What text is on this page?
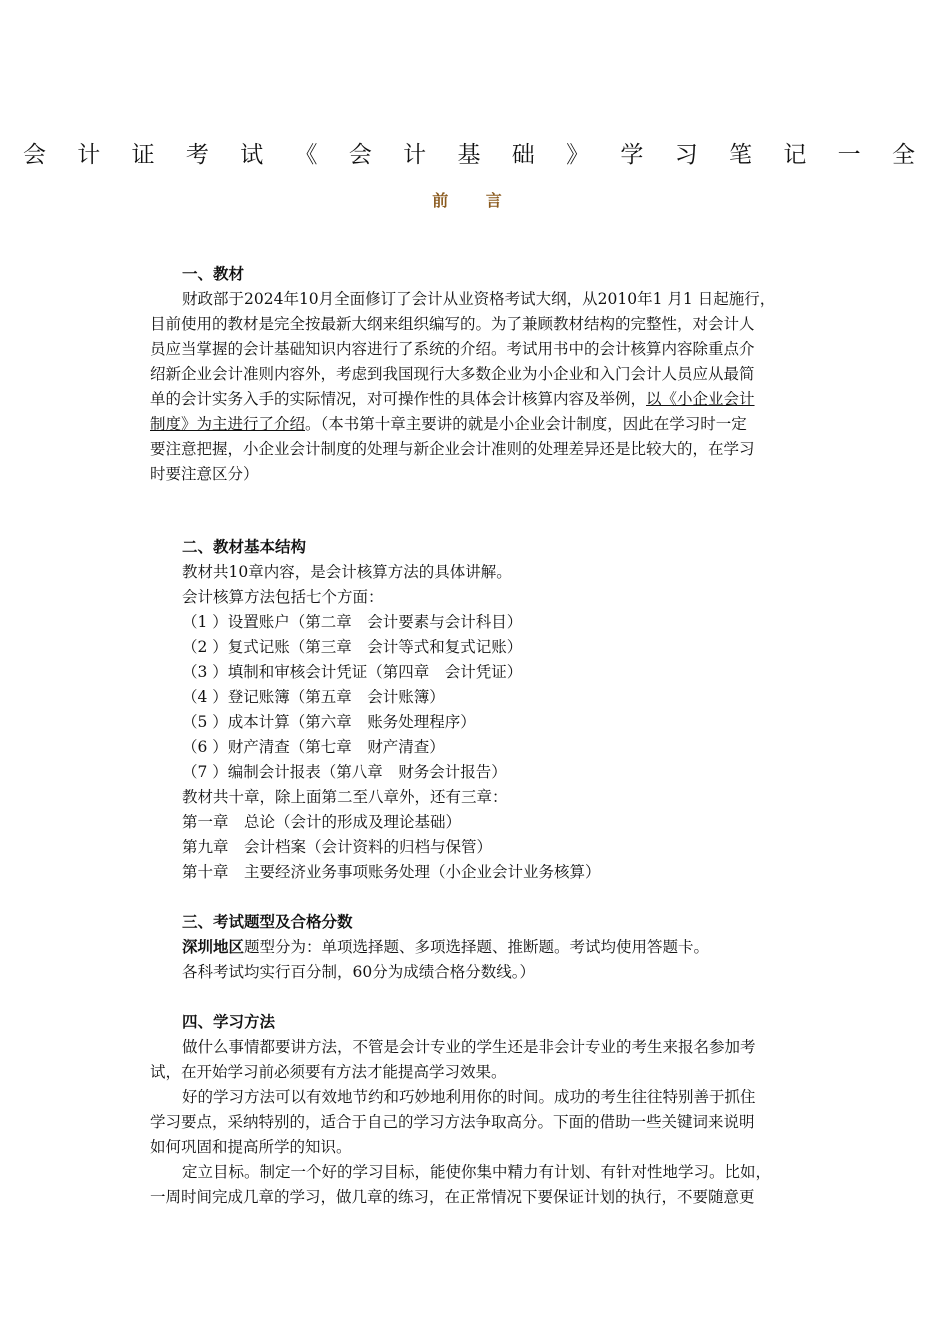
会 计 证 考 试 《 会 计 基 础 》 学 习 笔 记 一 全
前 言
一、教材
财政部于2024年10月全面修订了会计从业资格考试大纲，从2010年1 月1 日起施行，
目前使用的教材是完全按最新大纲来组织编写的。为了兼顾教材结构的完整性，对会计人
员应当掌握的会计基础知识内容进行了系统的介绍。考试用书中的会计核算内容除重点介
绍新企业会计准则内容外，考虑到我国现行大多数企业为小企业和入门会计人员应从最简
单的会计实务入手的实际情况，对可操作性的具体会计核算内容及举例，以《小企业会计
制度》为主进行了介绍。（本书第十章主要讲的就是小企业会计制度，因此在学习时一定
要注意把握，小企业会计制度的处理与新企业会计准则的处理差异还是比较大的，在学习
时要注意区分）
二、教材基本结构
教材共10章内容，是会计核算方法的具体讲解。
会计核算方法包括七个方面：
（1 ）设置账户（第二章　会计要素与会计科目）
（2 ）复式记账（第三章　会计等式和复式记账）
（3 ）填制和审核会计凭证（第四章　会计凭证）
（4 ）登记账簿（第五章　会计账簿）
（5 ）成本计算（第六章　账务处理程序）
（6 ）财产清查（第七章　财产清查）
（7 ）编制会计报表（第八章　财务会计报告）
教材共十章，除上面第二至八章外，还有三章：
第一章　总论（会计的形成及理论基础）
第九章　会计档案（会计资料的归档与保管）
第十章　主要经济业务事项账务处理（小企业会计业务核算）
三、考试题型及合格分数
深圳地区题型分为：单项选择题、多项选择题、推断题。考试均使用答题卡。
各科考试均实行百分制，60分为成绩合格分数线。）
四、学习方法
做什么事情都要讲方法，不管是会计专业的学生还是非会计专业的考生来报名参加考
试，在开始学习前必须要有方法才能提高学习效果。
好的学习方法可以有效地节约和巧妙地利用你的时间。成功的考生往往特别善于抓住
学习要点，采纳特别的，适合于自己的学习方法争取高分。下面的借助一些关键词来说明
如何巩固和提高所学的知识。
定立目标。制定一个好的学习目标，能使你集中精力有计划、有针对性地学习。比如，
一周时间完成几章的学习，做几章的练习，在正常情况下要保证计划的执行，不要随意更
